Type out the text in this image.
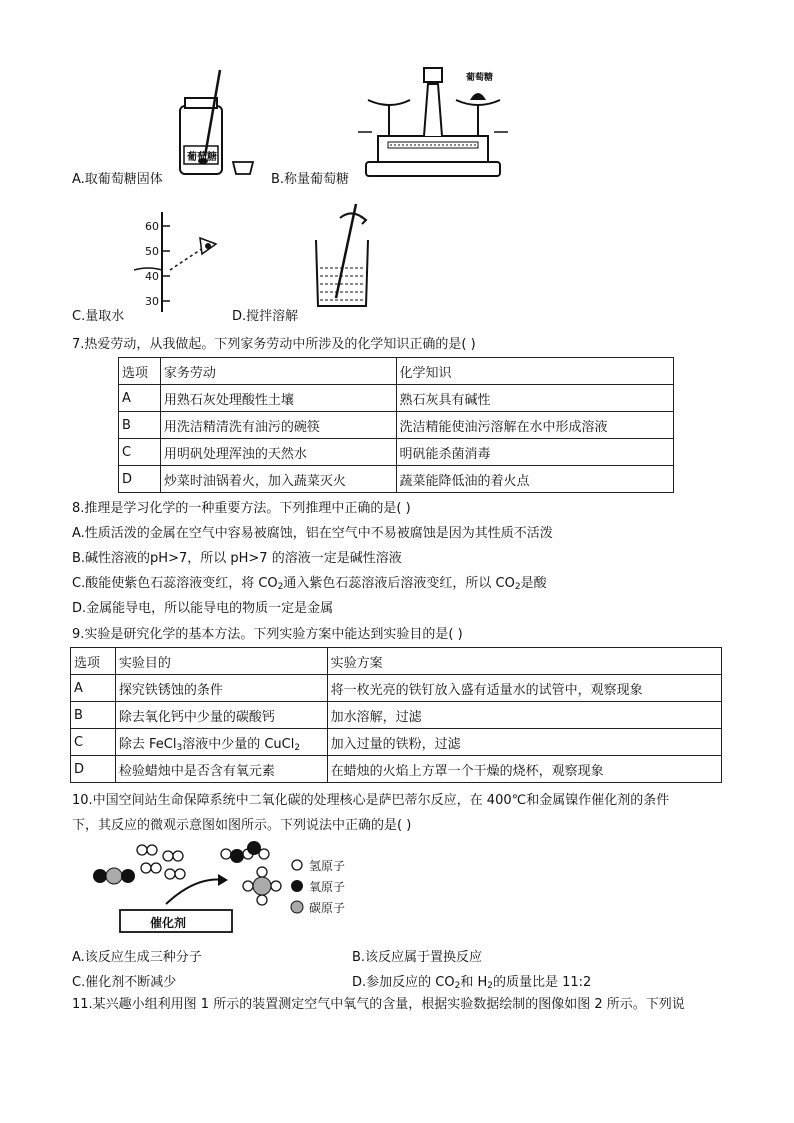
葡萄糖
A.取葡萄糖固体
葡萄糖
B.称量葡萄糖
60
50
40
30
C.量取水	D.搅拌溶解
7.热爱劳动，从我做起。下列家务劳动中所涉及的化学知识正确的是( )
选项	家务劳动	化学知识
A	用熟石灰处理酸性土壤	熟石灰具有碱性
B	用洗洁精清洗有油污的碗筷	洗洁精能使油污溶解在水中形成溶液
C	用明矾处理浑浊的天然水	明矾能杀菌消毒
D	炒菜时油锅着火，加入蔬菜灭火	蔬菜能降低油的着火点
8.推理是学习化学的一种重要方法。下列推理中正确的是( )
A.性质活泼的金属在空气中容易被腐蚀，铝在空气中不易被腐蚀是因为其性质不活泼
B.碱性溶液的pH>7，所以 pH>7 的溶液一定是碱性溶液
C.酸能使紫色石蕊溶液变红，将 $CO_2$通入紫色石蕊溶液后溶液变红，所以 $CO_2$是酸
D.金属能导电，所以能导电的物质一定是金属
9.实验是研究化学的基本方法。下列实验方案中能达到实验目的是( )
选项	实验目的	实验方案
A	探究铁锈蚀的条件	将一枚光亮的铁钉放入盛有适量水的试管中，观察现象
B	除去氧化钙中少量的碳酸钙	加水溶解，过滤
C	除去 FeCl$_3$溶液中少量的 CuCl$_2$	加入过量的铁粉，过滤
D	检验蜡烛中是否含有氧元素	在蜡烛的火焰上方罩一个干燥的烧杯，观察现象
10.中国空间站生命保障系统中二氧化碳的处理核心是萨巴蒂尔反应，在 400℃和金属镍作催化剂的条件
下，其反应的微观示意图如图所示。下列说法中正确的是( )
催化剂
氢原子
氧原子
碳原子
A.该反应生成三种分子	B.该反应属于置换反应
C.催化剂不断减少	D.参加反应的 $CO_2$和 $H_2$的质量比是 11:2
11.某兴趣小组利用图 1 所示的装置测定空气中氧气的含量，根据实验数据绘制的图像如图 2 所示。下列说
